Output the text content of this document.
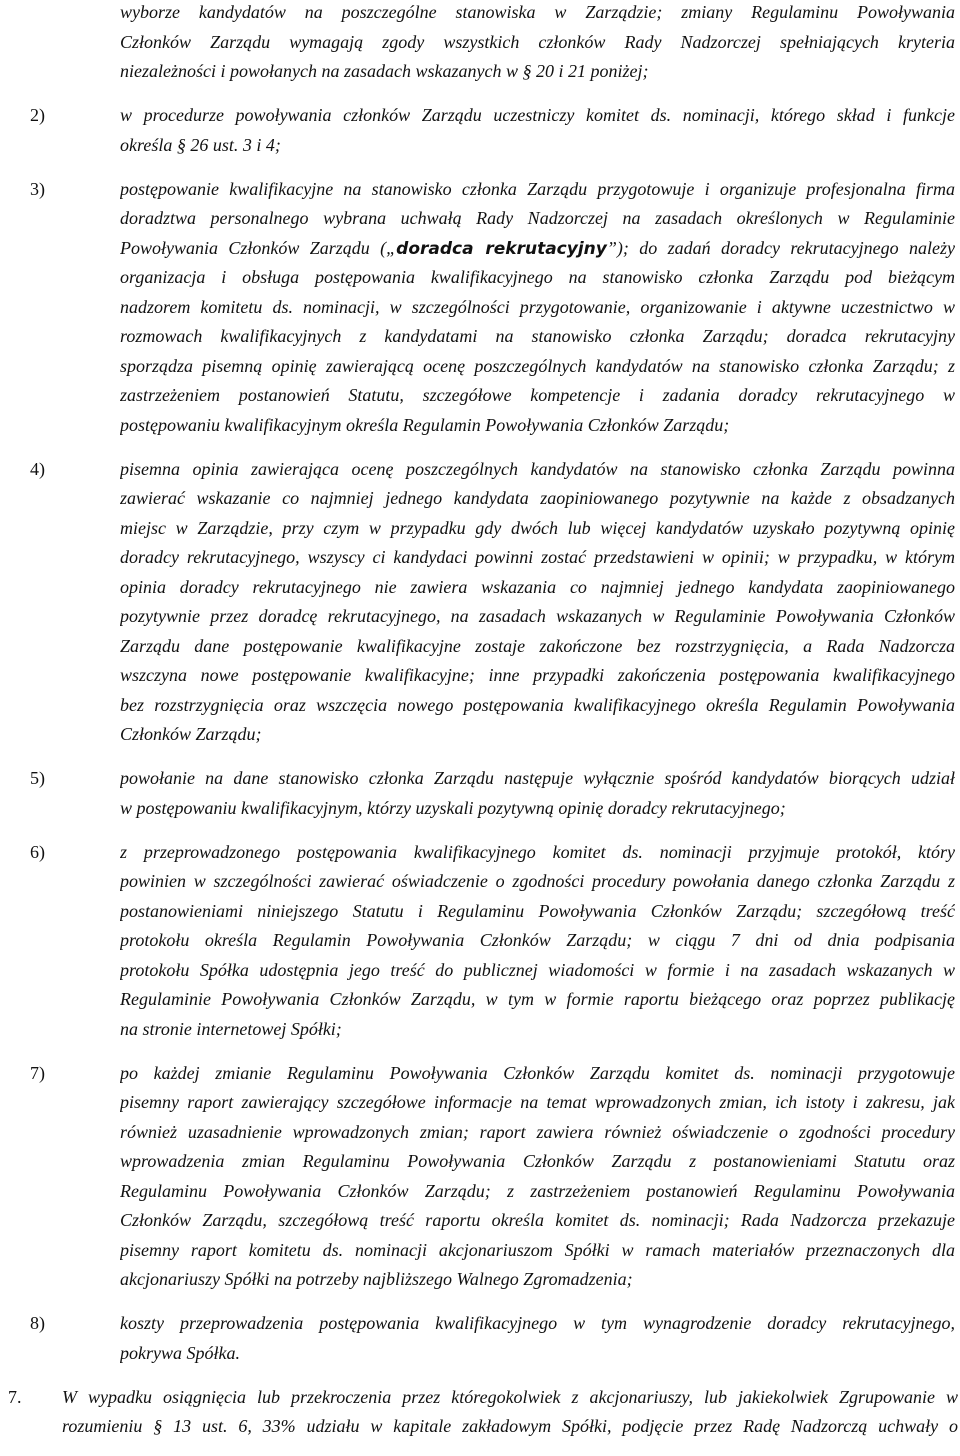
wyborze kandydatów na poszczególne stanowiska w Zarządzie; zmiany Regulaminu Powoływania
Członków Zarządu wymagają zgody wszystkich członków Rady Nadzorczej spełniających kryteria
niezależności i powołanych na zasadach wskazanych w § 20 i 21 poniżej;
2)	w procedurze powoływania członków Zarządu uczestniczy komitet ds. nominacji, którego skład i funkcje
określa § 26 ust. 3 i 4;
3)	postępowanie kwalifikacyjne na stanowisko członka Zarządu przygotowuje i organizuje profesjonalna firma
doradztwa personalnego wybrana uchwałą Rady Nadzorczej na zasadach określonych w Regulaminie
Powoływania Członków Zarządu („doradca rekrutacyjny”); do zadań doradcy rekrutacyjnego należy
organizacja i obsługa postępowania kwalifikacyjnego na stanowisko członka Zarządu pod bieżącym
nadzorem komitetu ds. nominacji, w szczególności przygotowanie, organizowanie i aktywne uczestnictwo w
rozmowach kwalifikacyjnych z kandydatami na stanowisko członka Zarządu; doradca rekrutacyjny
sporządza pisemną opinię zawierającą ocenę poszczególnych kandydatów na stanowisko członka Zarządu; z
zastrzeżeniem postanowień Statutu, szczegółowe kompetencje i zadania doradcy rekrutacyjnego w
postępowaniu kwalifikacyjnym określa Regulamin Powoływania Członków Zarządu;
4)	pisemna opinia zawierająca ocenę poszczególnych kandydatów na stanowisko członka Zarządu powinna
zawierać wskazanie co najmniej jednego kandydata zaopiniowanego pozytywnie na każde z obsadzanych
miejsc w Zarządzie, przy czym w przypadku gdy dwóch lub więcej kandydatów uzyskało pozytywną opinię
doradcy rekrutacyjnego, wszyscy ci kandydaci powinni zostać przedstawieni w opinii; w przypadku, w którym
opinia doradcy rekrutacyjnego nie zawiera wskazania co najmniej jednego kandydata zaopiniowanego
pozytywnie przez doradcę rekrutacyjnego, na zasadach wskazanych w Regulaminie Powoływania Członków
Zarządu dane postępowanie kwalifikacyjne zostaje zakończone bez rozstrzygnięcia, a Rada Nadzorcza
wszczyna nowe postępowanie kwalifikacyjne; inne przypadki zakończenia postępowania kwalifikacyjnego
bez rozstrzygnięcia oraz wszczęcia nowego postępowania kwalifikacyjnego określa Regulamin Powoływania
Członków Zarządu;
5)	powołanie na dane stanowisko członka Zarządu następuje wyłącznie spośród kandydatów biorących udział
w postępowaniu kwalifikacyjnym, którzy uzyskali pozytywną opinię doradcy rekrutacyjnego;
6)	z przeprowadzonego postępowania kwalifikacyjnego komitet ds. nominacji przyjmuje protokół, który
powinien w szczególności zawierać oświadczenie o zgodności procedury powołania danego członka Zarządu z
postanowieniami niniejszego Statutu i Regulaminu Powoływania Członków Zarządu; szczegółową treść
protokołu określa Regulamin Powoływania Członków Zarządu; w ciągu 7 dni od dnia podpisania
protokołu Spółka udostępnia jego treść do publicznej wiadomości w formie i na zasadach wskazanych w
Regulaminie Powoływania Członków Zarządu, w tym w formie raportu bieżącego oraz poprzez publikację
na stronie internetowej Spółki;
7)	po każdej zmianie Regulaminu Powoływania Członków Zarządu komitet ds. nominacji przygotowuje
pisemny raport zawierający szczegółowe informacje na temat wprowadzonych zmian, ich istoty i zakresu, jak
również uzasadnienie wprowadzonych zmian; raport zawiera również oświadczenie o zgodności procedury
wprowadzenia zmian Regulaminu Powoływania Członków Zarządu z postanowieniami Statutu oraz
Regulaminu Powoływania Członków Zarządu; z zastrzeżeniem postanowień Regulaminu Powoływania
Członków Zarządu, szczegółową treść raportu określa komitet ds. nominacji; Rada Nadzorcza przekazuje
pisemny raport komitetu ds. nominacji akcjonariuszom Spółki w ramach materiałów przeznaczonych dla
akcjonariuszy Spółki na potrzeby najbliższego Walnego Zgromadzenia;
8)	koszty przeprowadzenia postępowania kwalifikacyjnego w tym wynagrodzenie doradcy rekrutacyjnego,
pokrywa Spółka.
7. W wypadku osiągnięcia lub przekroczenia przez któregokolwiek z akcjonariuszy, lub jakiekolwiek Zgrupowanie w
rozumieniu § 13 ust. 6, 33% udziału w kapitale zakładowym Spółki, podjęcie przez Radę Nadzorczą uchwały o
